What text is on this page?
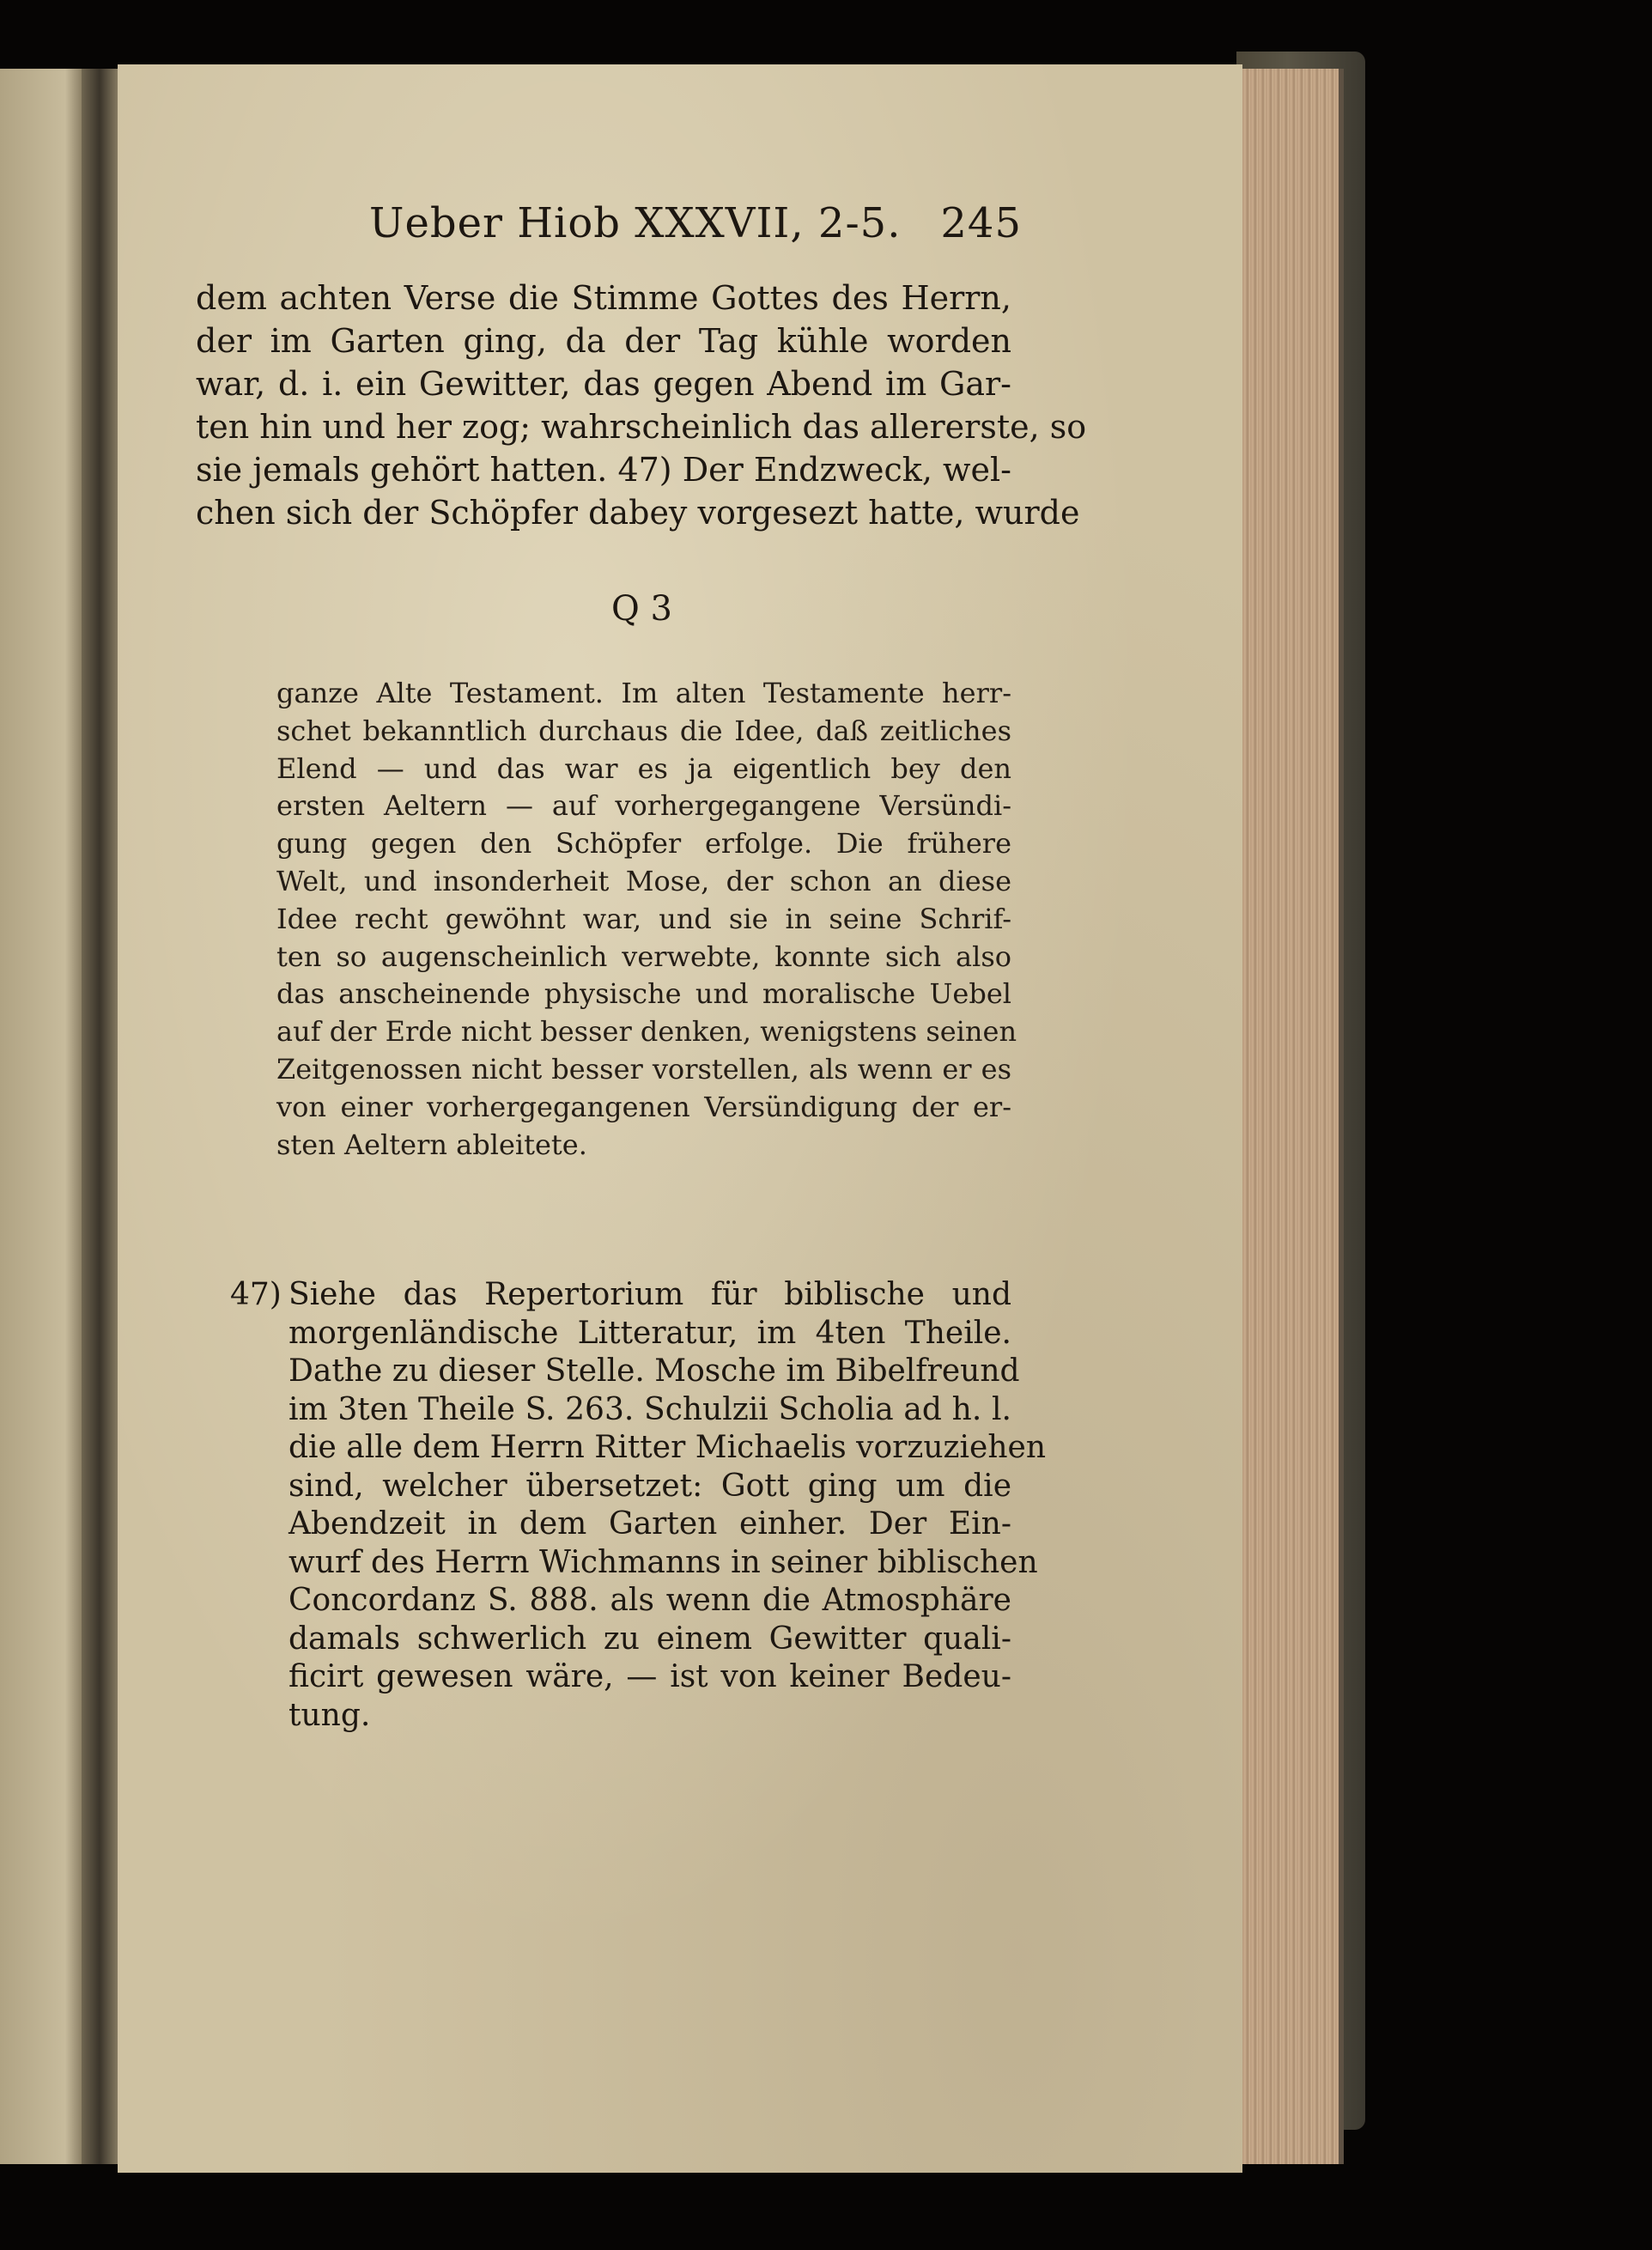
Ueber Hiob XXXVII, 2-5.

245

dem achten Verse die Stimme Gottes des Herrn,
der im Garten ging, da der Tag kühle worden
war, d. i. ein Gewitter, das gegen Abend im Gar-
ten hin und her zog; wahrscheinlich das allererste, so
sie jemals gehört hatten. 47) Der Endzweck, wel-
chen sich der Schöpfer dabey vorgesezt hatte, wurde
Q 3
ganze Alte Testament. Im alten Testamente herr-
schet bekanntlich durchaus die Idee, daß zeitliches
Elend — und das war es ja eigentlich bey den
ersten Aeltern — auf vorhergegangene Versündi-
gung gegen den Schöpfer erfolge. Die frühere
Welt, und insonderheit Mose, der schon an diese
Idee recht gewöhnt war, und sie in seine Schrif-
ten so augenscheinlich verwebte, konnte sich also
das anscheinende physische und moralische Uebel
auf der Erde nicht besser denken, wenigstens seinen
Zeitgenossen nicht besser vorstellen, als wenn er es
von einer vorhergegangenen Versündigung der er-
sten Aeltern ableitete.
47) Siehe das Repertorium für biblische und
morgenländische Litteratur, im 4ten Theile.
Dathe zu dieser Stelle. Mosche im Bibelfreund
im 3ten Theile S. 263. Schulzii Scholia ad h. l.
die alle dem Herrn Ritter Michaelis vorzuziehen
sind, welcher übersetzet: Gott ging um die
Abendzeit in dem Garten einher. Der Ein-
wurf des Herrn Wichmanns in seiner biblischen
Concordanz S. 888. als wenn die Atmosphäre
damals schwerlich zu einem Gewitter quali-
ficirt gewesen wäre, — ist von keiner Bedeu-
tung.
